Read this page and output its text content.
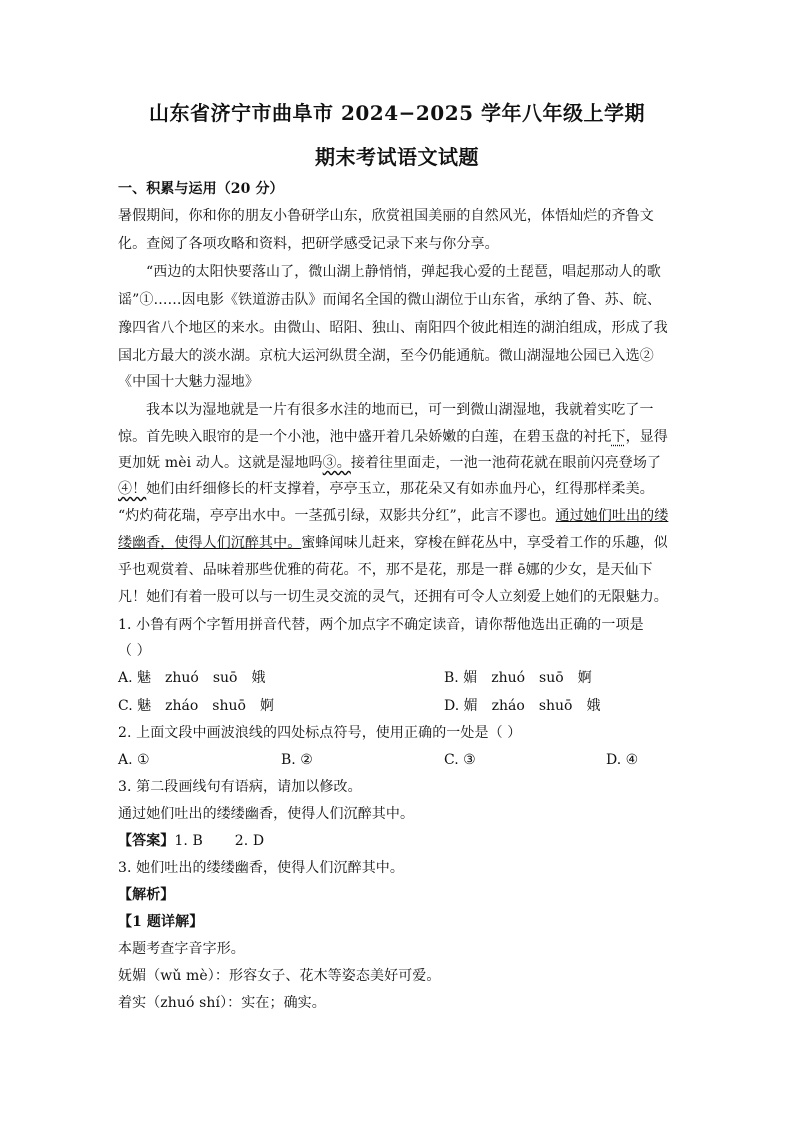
山东省济宁市曲阜市 2024−2025 学年八年级上学期
期末考试语文试题
一、积累与运用（20 分）
暑假期间，你和你的朋友小鲁研学山东，欣赏祖国美丽的自然风光，体悟灿烂的齐鲁文
化。查阅了各项攻略和资料，把研学感受记录下来与你分享。
“西边的太阳快要落山了，微山湖上静悄悄，弹起我心爱的土琵琶，唱起那动人的歌
谣”①……因电影《铁道游击队》而闻名全国的微山湖位于山东省，承纳了鲁、苏、皖、
豫四省八个地区的来水。由微山、昭阳、独山、南阳四个彼此相连的湖泊组成，形成了我
国北方最大的淡水湖。京杭大运河纵贯全湖，至今仍能通航。微山湖湿地公园已入选②
《中国十大魅力湿地》
我本以为湿地就是一片有很多水洼的地而已，可一到微山湖湿地，我就着实吃了一
惊。首先映入眼帘的是一个小池，池中盛开着几朵娇嫩的白莲，在碧玉盘的衬托下，显得
更加妩 mèi 动人。这就是湿地吗③。接着往里面走，一池一池荷花就在眼前闪亮登场了
④！她们由纤细修长的杆支撑着，亭亭玉立，那花朵又有如赤血丹心，红得那样柔美。
“灼灼荷花瑞，亭亭出水中。一茎孤引绿，双影共分红”，此言不谬也。通过她们吐出的缕
缕幽香，使得人们沉醉其中。蜜蜂闻味儿赶来，穿梭在鲜花丛中，享受着工作的乐趣，似
乎也观赏着、品味着那些优雅的荷花。不，那不是花，那是一群 ē娜的少女，是天仙下
凡！她们有着一股可以与一切生灵交流的灵气，还拥有可令人立刻爱上她们的无限魅力。
1. 小鲁有两个字暂用拼音代替，两个加点字不确定读音，请你帮他选出正确的一项是
（ ）
A. 魅 zhuó suō 娥	B. 媚 zhuó suō 婀
C. 魅 zháo shuō 婀	D. 媚 zháo shuō 娥
2. 上面文段中画波浪线的四处标点符号，使用正确的一处是（ ）
A. ①	B. ②	C. ③	D. ④
3. 第二段画线句有语病，请加以修改。
通过她们吐出的缕缕幽香，使得人们沉醉其中。
【答案】1. B       2. D
3. 她们吐出的缕缕幽香，使得人们沉醉其中。
【解析】
【1 题详解】
本题考查字音字形。
妩媚（wǔ mè）：形容女子、花木等姿态美好可爱。
着实（zhuó shí）：实在；确实。
